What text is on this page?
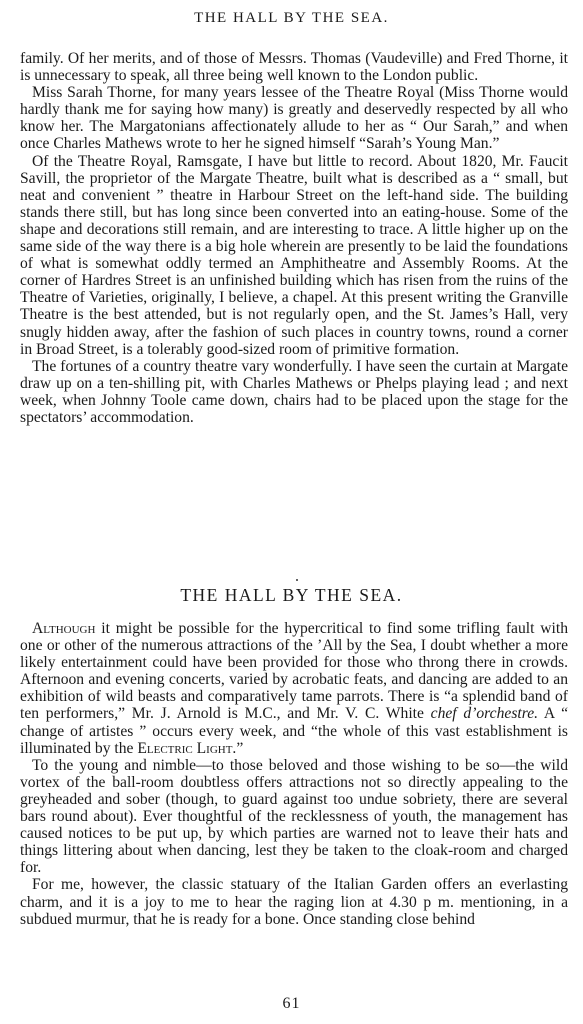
THE HALL BY THE SEA.

family. Of her merits, and of those of Messrs. Thomas (Vaudeville) and Fred Thorne, it is unnecessary to speak, all three being well known to the London public.

Miss Sarah Thorne, for many years lessee of the Theatre Royal (Miss Thorne would hardly thank me for saying how many) is greatly and deservedly respected by all who know her. The Margatonians affectionately allude to her as “ Our Sarah,” and when once Charles Mathews wrote to her he signed himself “Sarah’s Young Man.”

Of the Theatre Royal, Ramsgate, I have but little to record. About 1820, Mr. Faucit Savill, the proprietor of the Margate Theatre, built what is described as a “ small, but neat and convenient ” theatre in Harbour Street on the left-hand side. The building stands there still, but has long since been converted into an eating-house. Some of the shape and decorations still remain, and are interesting to trace. A little higher up on the same side of the way there is a big hole wherein are presently to be laid the foundations of what is somewhat oddly termed an Amphitheatre and Assembly Rooms. At the corner of Hardres Street is an unfinished building which has risen from the ruins of the Theatre of Varieties, originally, I believe, a chapel. At this present writing the Granville Theatre is the best attended, but is not regularly open, and the St. James’s Hall, very snugly hidden away, after the fashion of such places in country towns, round a corner in Broad Street, is a tolerably good-sized room of primitive formation.

The fortunes of a country theatre vary wonderfully. I have seen the curtain at Margate draw up on a ten-shilling pit, with Charles Mathews or Phelps playing lead ; and next week, when Johnny Toole came down, chairs had to be placed upon the stage for the spectators’ accommodation.

THE HALL BY THE SEA.

Although it might be possible for the hypercritical to find some trifling fault with one or other of the numerous attractions of the ’All by the Sea, I doubt whether a more likely entertainment could have been provided for those who throng there in crowds. Afternoon and evening concerts, varied by acrobatic feats, and dancing are added to an exhibition of wild beasts and comparatively tame parrots. There is “a splendid band of ten performers,” Mr. J. Arnold is M.C., and Mr. V. C. White chef d’orchestre. A “ change of artistes ” occurs every week, and “the whole of this vast establishment is illuminated by the Electric Light.”

To the young and nimble—to those beloved and those wishing to be so—the wild vortex of the ball-room doubtless offers attractions not so directly appealing to the greyheaded and sober (though, to guard against too undue sobriety, there are several bars round about). Ever thoughtful of the recklessness of youth, the management has caused notices to be put up, by which parties are warned not to leave their hats and things littering about when dancing, lest they be taken to the cloak-room and charged for.

For me, however, the classic statuary of the Italian Garden offers an everlasting charm, and it is a joy to me to hear the raging lion at 4.30 p m. mentioning, in a subdued murmur, that he is ready for a bone. Once standing close behind

61
